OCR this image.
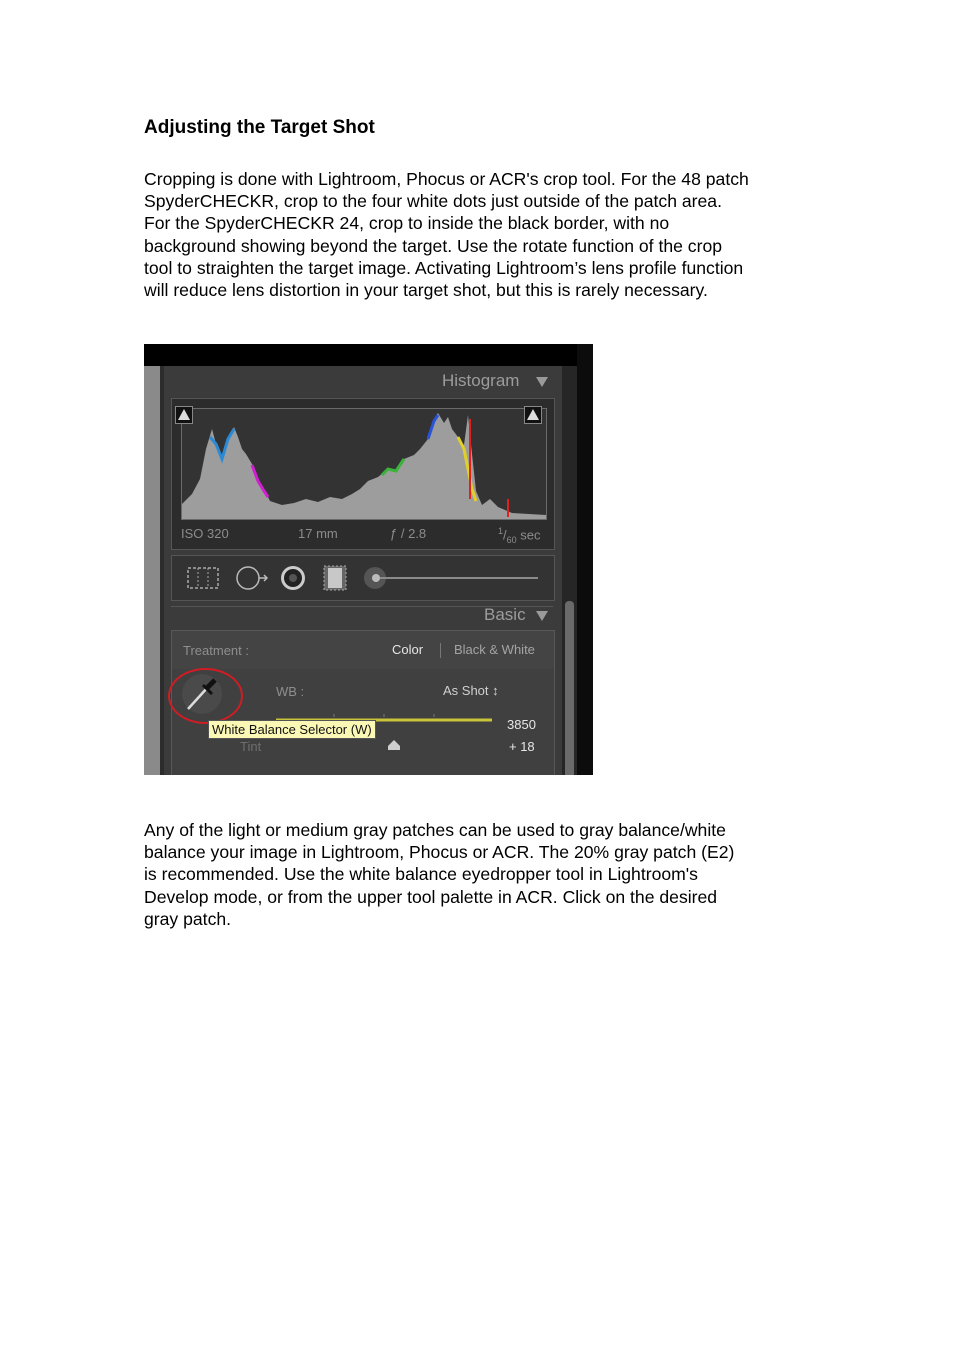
Adjusting the Target Shot
Cropping is done with Lightroom, Phocus or ACR's crop tool. For the 48 patch
SpyderCHECKR, crop to the four white dots just outside of the patch area.
For the SpyderCHECKR 24, crop to inside the black border, with no
background showing beyond the target. Use the rotate function of the crop
tool to straighten the target image. Activating Lightroom’s lens profile function
will reduce lens distortion in your target shot, but this is rarely necessary.
Histogram
ISO 320	17 mm	ƒ / 2.8	$^1/_{60}$ sec
Basic
Treatment :	Color Black & White
WB :	As Shot ↕
3850
Tint	+ 18
White Balance Selector (W)
Any of the light or medium gray patches can be used to gray balance/white
balance your image in Lightroom, Phocus or ACR. The 20% gray patch (E2)
is recommended. Use the white balance eyedropper tool in Lightroom's
Develop mode, or from the upper tool palette in ACR. Click on the desired
gray patch.
